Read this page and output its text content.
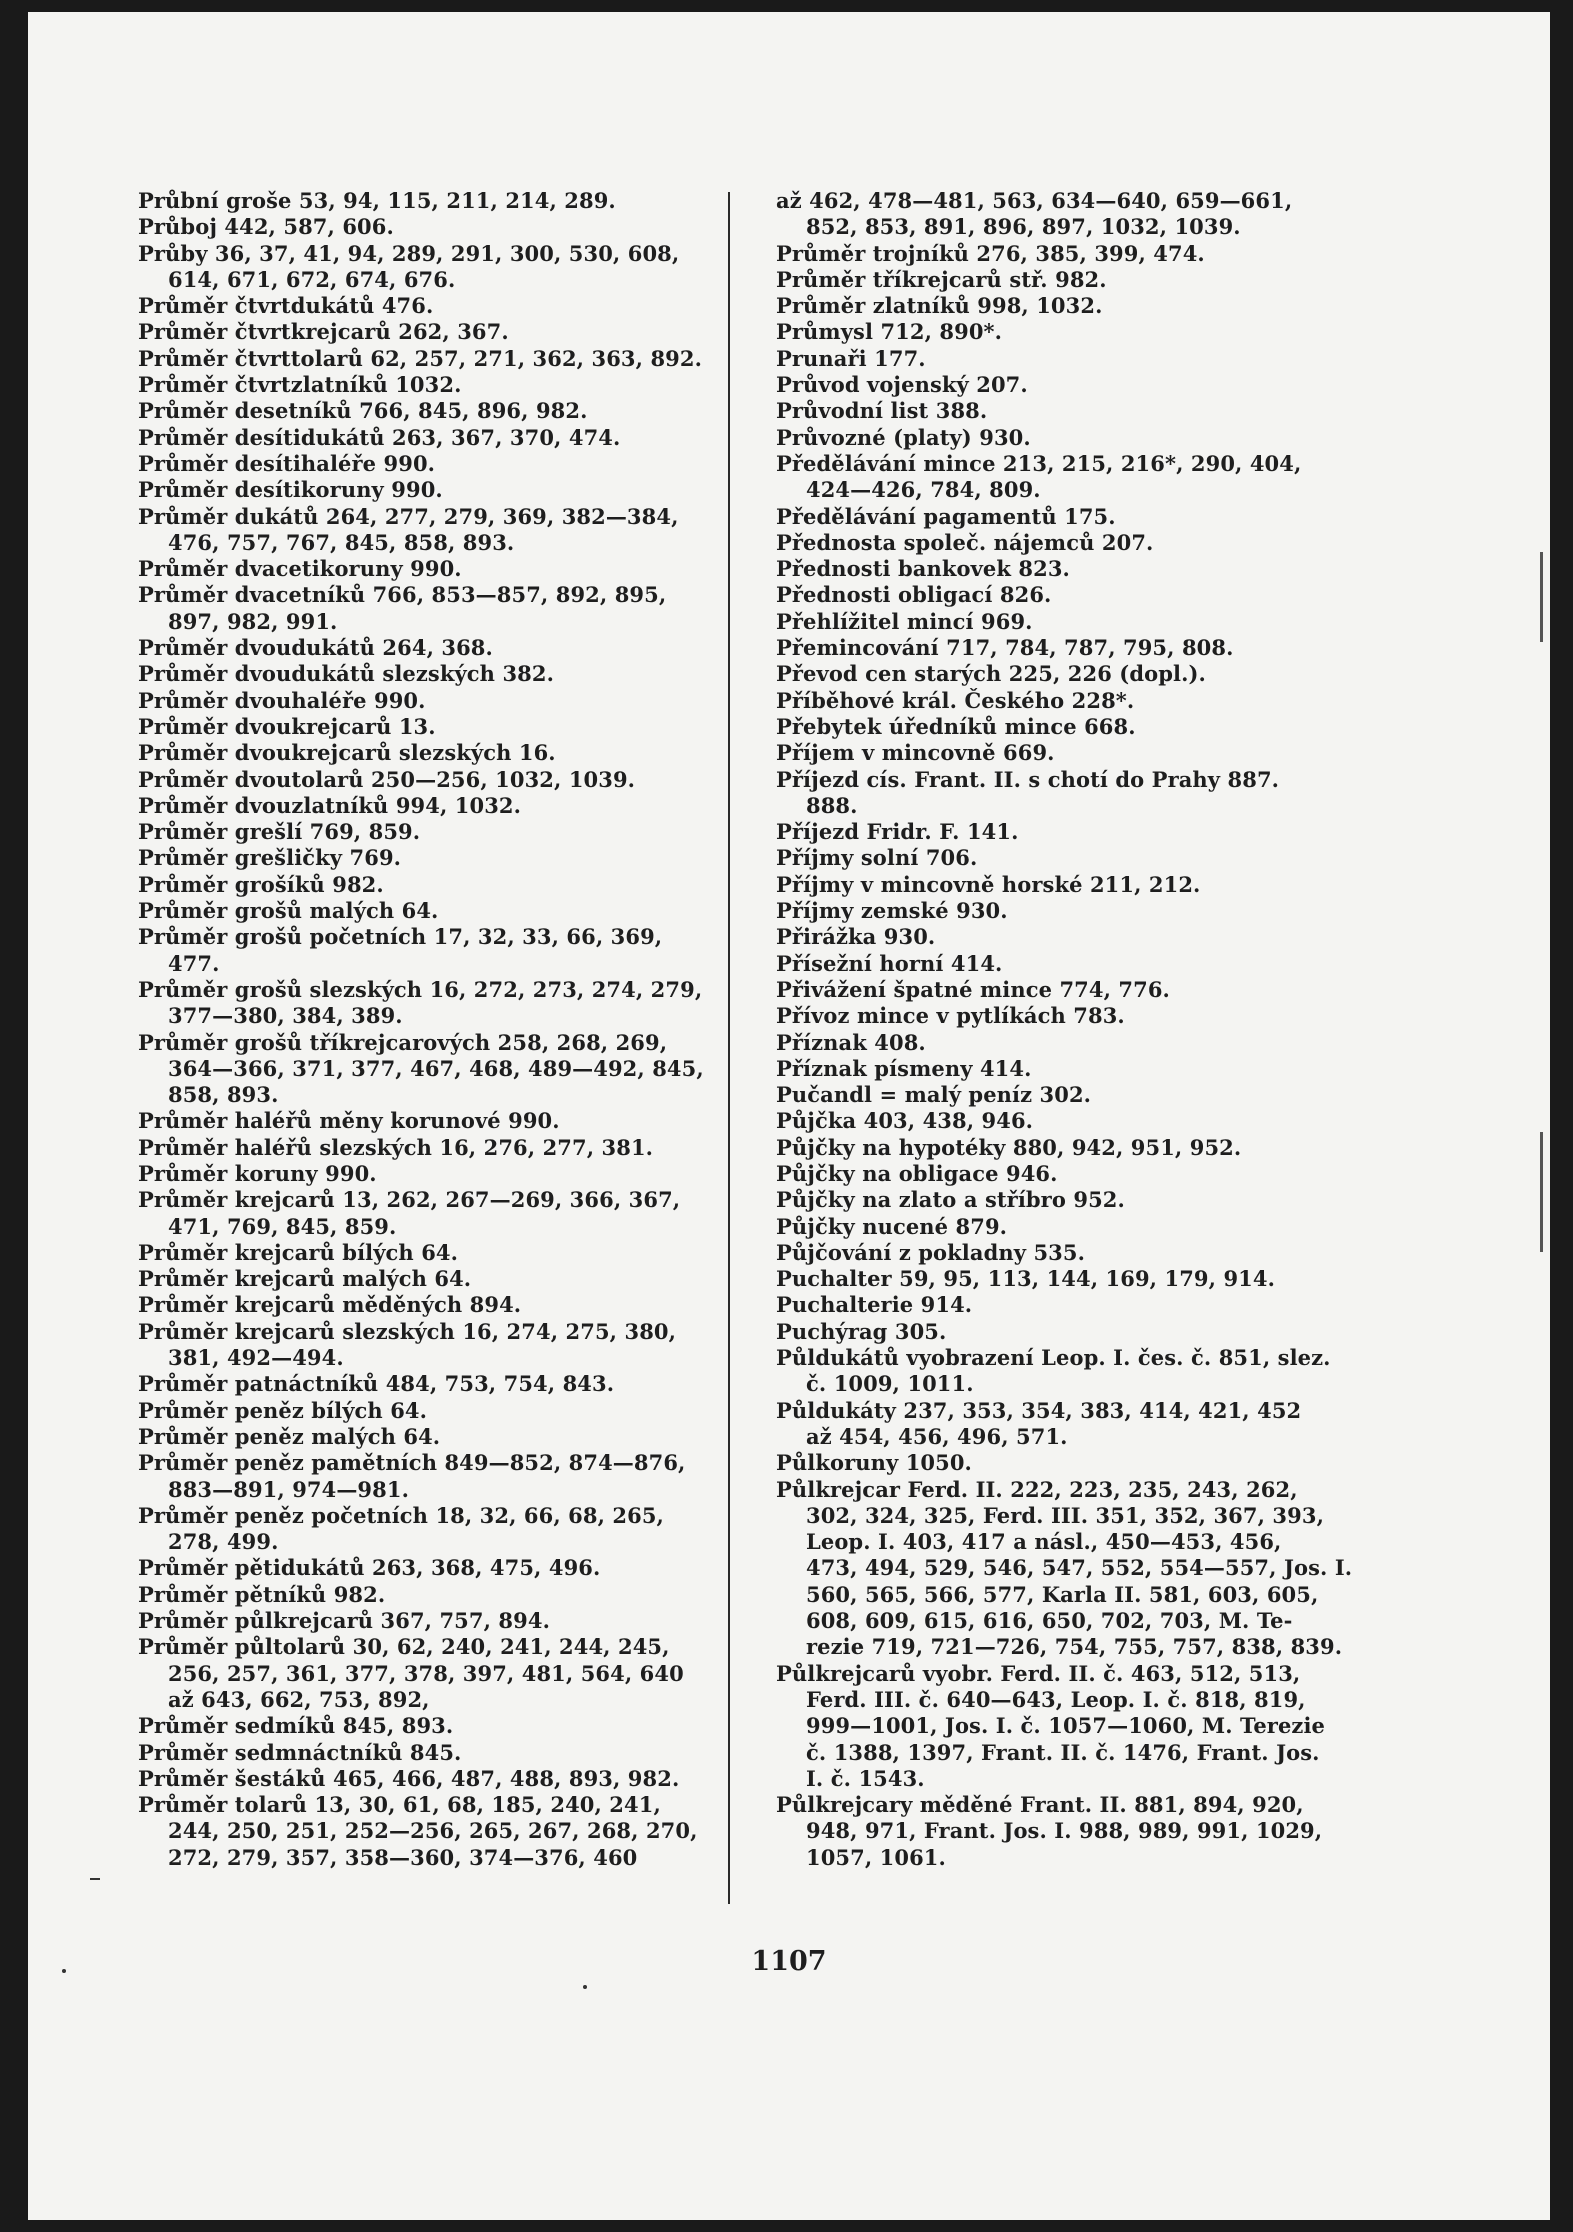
Průbní groše 53, 94, 115, 211, 214, 289.
Průboj 442, 587, 606.
Průby 36, 37, 41, 94, 289, 291, 300, 530, 608,
614, 671, 672, 674, 676.
Průměr čtvrtdukátů 476.
Průměr čtvrtkrejcarů 262, 367.
Průměr čtvrttolarů 62, 257, 271, 362, 363, 892.
Průměr čtvrtzlatníků 1032.
Průměr desetníků 766, 845, 896, 982.
Průměr desítidukátů 263, 367, 370, 474.
Průměr desítihaléře 990.
Průměr desítikoruny 990.
Průměr dukátů 264, 277, 279, 369, 382—384,
476, 757, 767, 845, 858, 893.
Průměr dvacetikoruny 990.
Průměr dvacetníků 766, 853—857, 892, 895,
897, 982, 991.
Průměr dvoudukátů 264, 368.
Průměr dvoudukátů slezských 382.
Průměr dvouhaléře 990.
Průměr dvoukrejcarů 13.
Průměr dvoukrejcarů slezských 16.
Průměr dvoutolarů 250—256, 1032, 1039.
Průměr dvouzlatníků 994, 1032.
Průměr grešlí 769, 859.
Průměr grešličky 769.
Průměr grošíků 982.
Průměr grošů malých 64.
Průměr grošů početních 17, 32, 33, 66, 369,
477.
Průměr grošů slezských 16, 272, 273, 274, 279,
377—380, 384, 389.
Průměr grošů tříkrejcarových 258, 268, 269,
364—366, 371, 377, 467, 468, 489—492, 845,
858, 893.
Průměr haléřů měny korunové 990.
Průměr haléřů slezských 16, 276, 277, 381.
Průměr koruny 990.
Průměr krejcarů 13, 262, 267—269, 366, 367,
471, 769, 845, 859.
Průměr krejcarů bílých 64.
Průměr krejcarů malých 64.
Průměr krejcarů měděných 894.
Průměr krejcarů slezských 16, 274, 275, 380,
381, 492—494.
Průměr patnáctníků 484, 753, 754, 843.
Průměr peněz bílých 64.
Průměr peněz malých 64.
Průměr peněz pamětních 849—852, 874—876,
883—891, 974—981.
Průměr peněz početních 18, 32, 66, 68, 265,
278, 499.
Průměr pětidukátů 263, 368, 475, 496.
Průměr pětníků 982.
Průměr půlkrejcarů 367, 757, 894.
Průměr půltolarů 30, 62, 240, 241, 244, 245,
256, 257, 361, 377, 378, 397, 481, 564, 640
až 643, 662, 753, 892,
Průměr sedmíků 845, 893.
Průměr sedmnáctníků 845.
Průměr šestáků 465, 466, 487, 488, 893, 982.
Průměr tolarů 13, 30, 61, 68, 185, 240, 241,
244, 250, 251, 252—256, 265, 267, 268, 270,
272, 279, 357, 358—360, 374—376, 460
až 462, 478—481, 563, 634—640, 659—661,
852, 853, 891, 896, 897, 1032, 1039.
Průměr trojníků 276, 385, 399, 474.
Průměr tříkrejcarů stř. 982.
Průměr zlatníků 998, 1032.
Průmysl 712, 890*.
Prunaři 177.
Průvod vojenský 207.
Průvodní list 388.
Průvozné (platy) 930.
Předělávání mince 213, 215, 216*, 290, 404,
424—426, 784, 809.
Předělávání pagamentů 175.
Přednosta společ. nájemců 207.
Přednosti bankovek 823.
Přednosti obligací 826.
Přehlížitel mincí 969.
Přemincování 717, 784, 787, 795, 808.
Převod cen starých 225, 226 (dopl.).
Příběhové král. Českého 228*.
Přebytek úředníků mince 668.
Příjem v mincovně 669.
Příjezd cís. Frant. II. s chotí do Prahy 887.
888.
Příjezd Fridr. F. 141.
Příjmy solní 706.
Příjmy v mincovně horské 211, 212.
Příjmy zemské 930.
Přirážka 930.
Přísežní horní 414.
Přivážení špatné mince 774, 776.
Přívoz mince v pytlíkách 783.
Příznak 408.
Příznak písmeny 414.
Pučandl = malý peníz 302.
Půjčka 403, 438, 946.
Půjčky na hypotéky 880, 942, 951, 952.
Půjčky na obligace 946.
Půjčky na zlato a stříbro 952.
Půjčky nucené 879.
Půjčování z pokladny 535.
Puchalter 59, 95, 113, 144, 169, 179, 914.
Puchalterie 914.
Puchýrag 305.
Půldukátů vyobrazení Leop. I. čes. č. 851, slez.
č. 1009, 1011.
Půldukáty 237, 353, 354, 383, 414, 421, 452
až 454, 456, 496, 571.
Půlkoruny 1050.
Půlkrejcar Ferd. II. 222, 223, 235, 243, 262,
302, 324, 325, Ferd. III. 351, 352, 367, 393,
Leop. I. 403, 417 a násl., 450—453, 456,
473, 494, 529, 546, 547, 552, 554—557, Jos. I.
560, 565, 566, 577, Karla II. 581, 603, 605,
608, 609, 615, 616, 650, 702, 703, M. Te-
rezie 719, 721—726, 754, 755, 757, 838, 839.
Půlkrejcarů vyobr. Ferd. II. č. 463, 512, 513,
Ferd. III. č. 640—643, Leop. I. č. 818, 819,
999—1001, Jos. I. č. 1057—1060, M. Terezie
č. 1388, 1397, Frant. II. č. 1476, Frant. Jos.
I. č. 1543.
Půlkrejcary měděné Frant. II. 881, 894, 920,
948, 971, Frant. Jos. I. 988, 989, 991, 1029,
1057, 1061.
1107
